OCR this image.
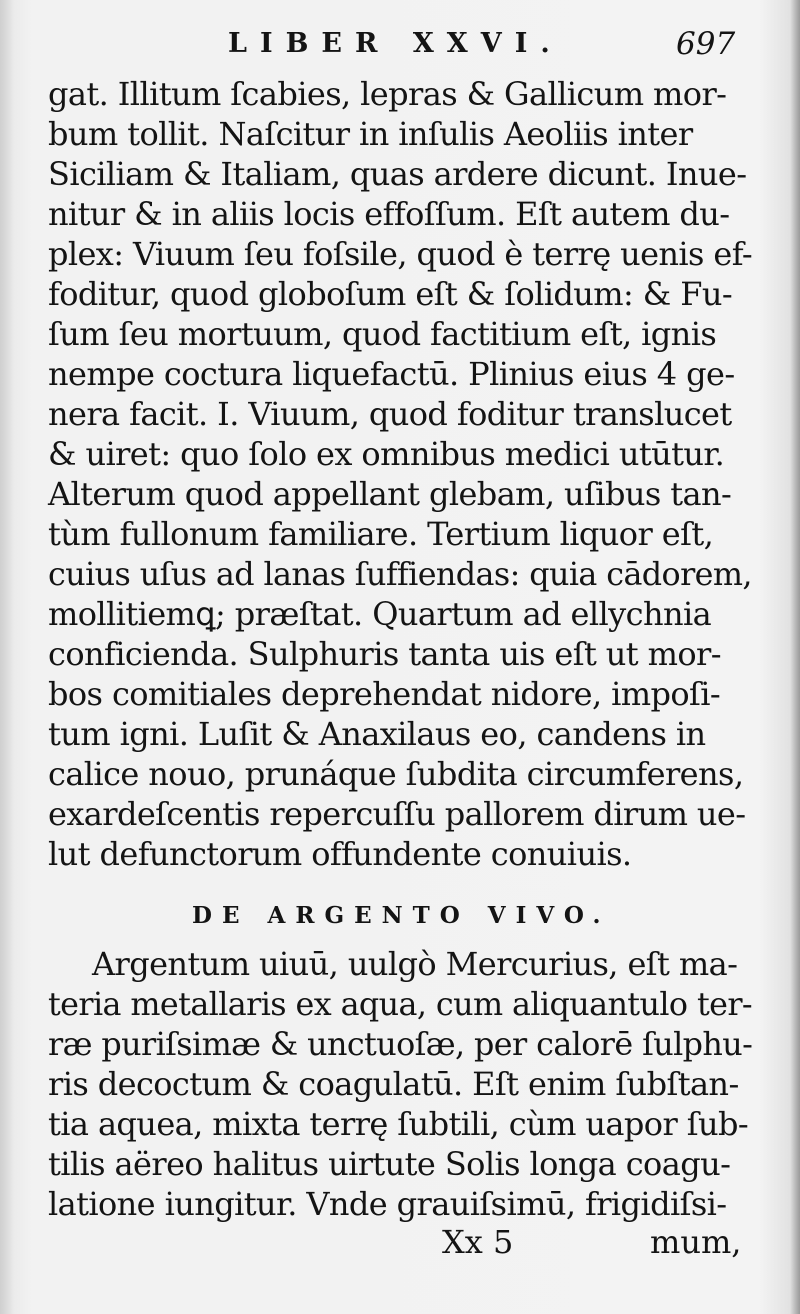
LIBER XXVI.	697
gat. Illitum ſcabies, lepras & Gallicum mor-
bum tollit. Naſcitur in inſulis Aeoliis inter
Siciliam & Italiam, quas ardere dicunt. Inue-
nitur & in aliis locis effoſſum. Eſt autem du-
plex: Viuum ſeu foſsile, quod è terrę uenis ef-
foditur, quod globoſum eſt & ſolidum: & Fu-
ſum ſeu mortuum, quod factitium eſt, ignis
nempe coctura liquefactū. Plinius eius 4 ge-
nera facit. I. Viuum, quod foditur translucet
& uiret: quo ſolo ex omnibus medici utūtur.
Alterum quod appellant glebam, uſibus tan-
tùm fullonum familiare. Tertium liquor eſt,
cuius uſus ad lanas ſuffiendas: quia cādorem,
mollitiemꝗ; præſtat. Quartum ad ellychnia
conficienda. Sulphuris tanta uis eſt ut mor-
bos comitiales deprehendat nidore, impoſi-
tum igni. Luſit & Anaxilaus eo, candens in
calice nouo, prunáque ſubdita circumferens,
exardeſcentis repercuſſu pallorem dirum ue-
lut defunctorum offundente conuiuis.
DE ARGENTO VIVO.
Argentum uiuū, uulgò Mercurius, eſt ma-
teria metallaris ex aqua, cum aliquantulo ter-
ræ puriſsimæ & unctuoſæ, per calorē ſulphu-
ris decoctum & coagulatū. Eſt enim ſubſtan-
tia aquea, mixta terrę ſubtili, cùm uapor ſub-
tilis aëreo halitus uirtute Solis longa coagu-
latione iungitur. Vnde grauiſsimū, frigidiſsi-
Xx 5	mum,
